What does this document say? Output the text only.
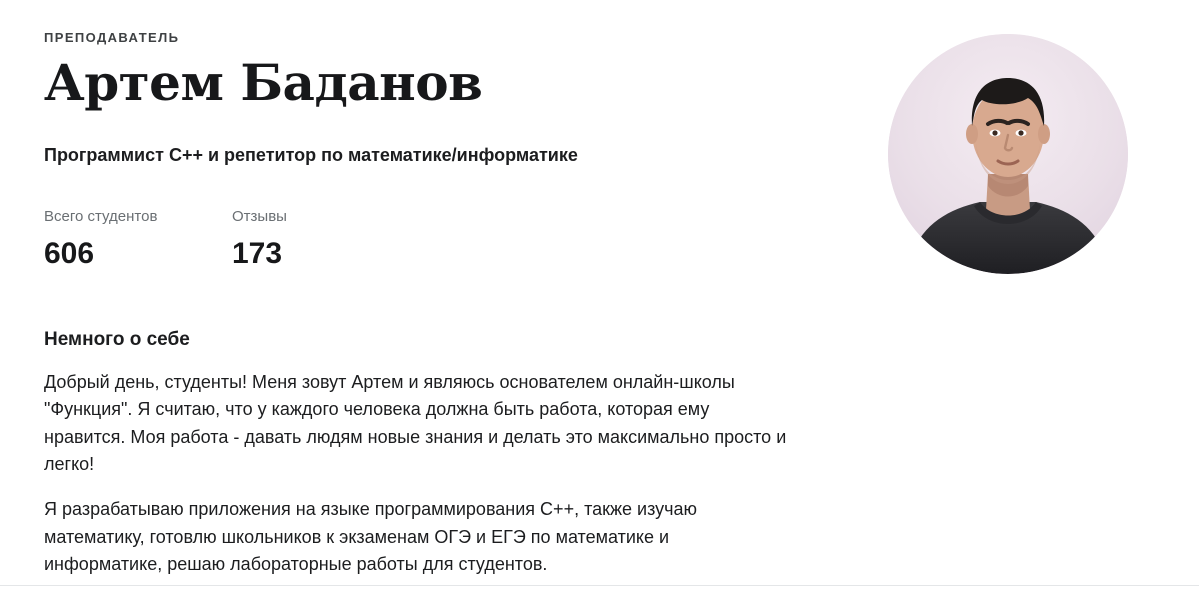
ПРЕПОДАВАТЕЛЬ
Артем Баданов
Программист C++ и репетитор по математике/информатике
Всего студентов
606
Отзывы
173
Немного о себе

Добрый день, студенты! Меня зовут Артем и являюсь основателем онлайн-школы "Функция". Я считаю, что у каждого человека должна быть работа, которая ему нравится. Моя работа - давать людям новые знания и делать это максимально просто и легко!

Я разрабатываю приложения на языке программирования C++, также изучаю математику, готовлю школьников к экзаменам ОГЭ и ЕГЭ по математике и информатике, решаю лабораторные работы для студентов.
